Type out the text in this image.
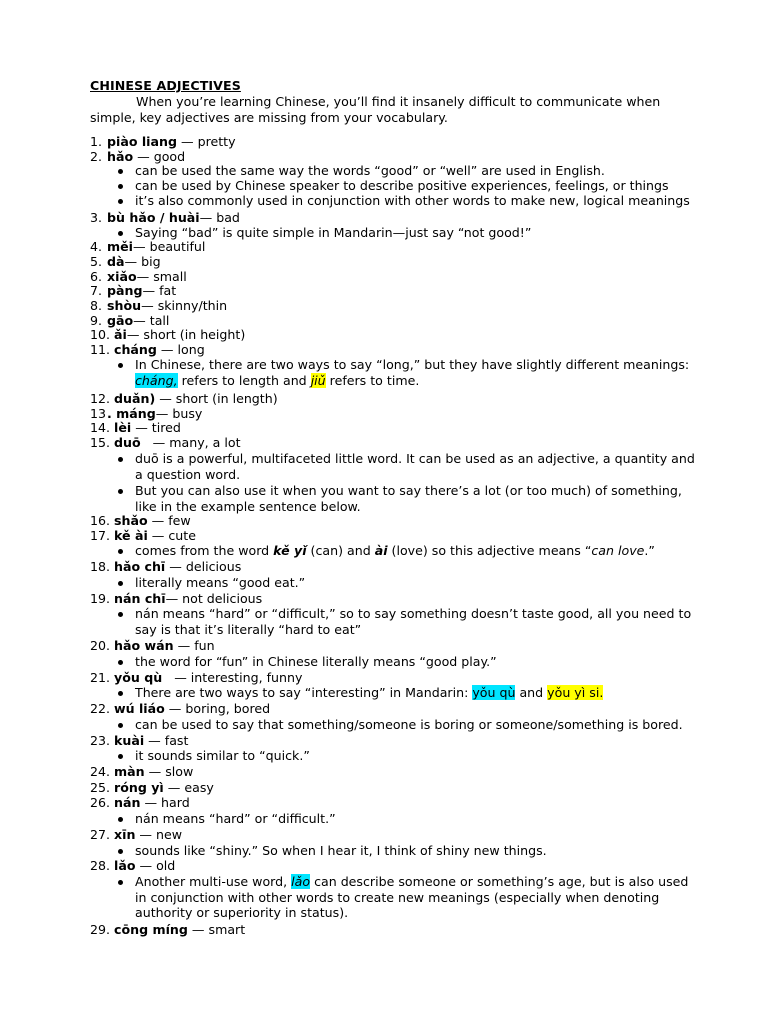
CHINESE ADJECTIVES
When you’re learning Chinese, you’ll find it insanely difficult to communicate when simple, key adjectives are missing from your vocabulary.
1. piào liang — pretty
2. hǎo — good
can be used the same way the words “good” or “well” are used in English.
can be used by Chinese speaker to describe positive experiences, feelings, or things
it’s also commonly used in conjunction with other words to make new, logical meanings
3. bù hǎo / huài— bad
Saying “bad” is quite simple in Mandarin—just say “not good!”
4. měi— beautiful
5. dà— big
6. xiǎo— small
7. pàng— fat
8. shòu— skinny/thin
9. gāo— tall
10. ǎi— short (in height)
11. cháng — long
In Chinese, there are two ways to say “long,” but they have slightly different meanings: cháng, refers to length and jiǔ refers to time.
12. duǎn) — short (in length)
13. máng— busy
14. lèi — tired
15. duō   — many, a lot
duō is a powerful, multifaceted little word. It can be used as an adjective, a quantity and a question word.
But you can also use it when you want to say there’s a lot (or too much) of something, like in the example sentence below.
16. shǎo — few
17. kě ài — cute
comes from the word kě yǐ (can) and ài (love) so this adjective means “can love.”
18. hǎo chī — delicious
literally means “good eat.”
19. nán chī— not delicious
nán means “hard” or “difficult,” so to say something doesn’t taste good, all you need to say is that it’s literally “hard to eat”
20. hǎo wán — fun
the word for “fun” in Chinese literally means “good play.”
21. yǒu qù   — interesting, funny
There are two ways to say “interesting” in Mandarin: yǒu qù and yǒu yì si.
22. wú liáo — boring, bored
can be used to say that something/someone is boring or someone/something is bored.
23. kuài — fast
it sounds similar to “quick.”
24. màn — slow
25. róng yì — easy
26. nán — hard
nán means “hard” or “difficult.”
27. xīn — new
sounds like “shiny.” So when I hear it, I think of shiny new things.
28. lǎo — old
Another multi-use word, lǎo can describe someone or something’s age, but is also used in conjunction with other words to create new meanings (especially when denoting authority or superiority in status).
29. cōng míng — smart
